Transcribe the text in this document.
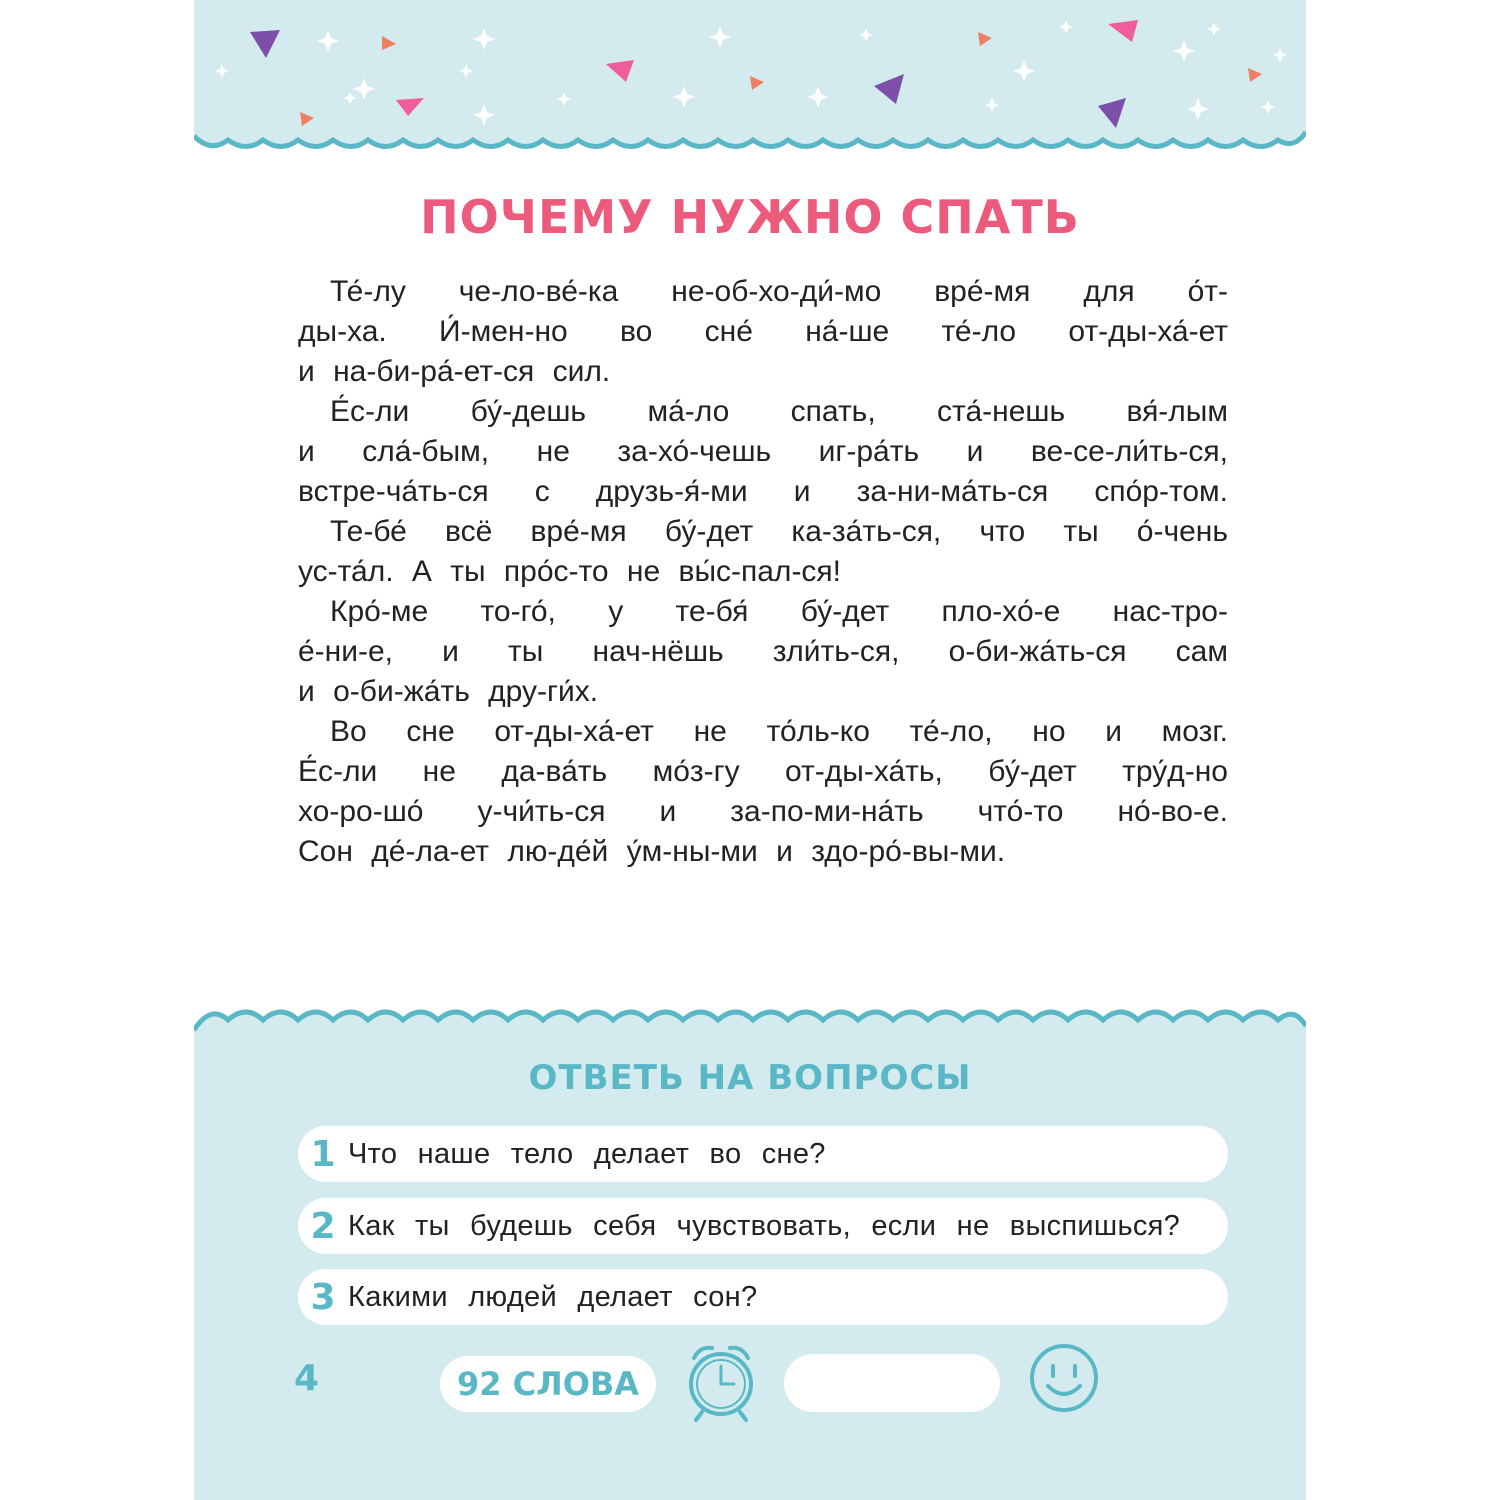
ПОЧЕМУ НУЖНО СПАТЬ
Те́-лу че-ло-ве́-ка не-об-хо-ди́-мо вре́-мя для о́т-
ды-ха. И́-мен-но во сне́ на́-ше те́-ло от-ды-ха́-ет
и на-би-ра́-ет-ся сил.
Е́с-ли бу́-дешь ма́-ло спать, ста́-нешь вя́-лым
и сла́-бым, не за-хо́-чешь иг-ра́ть и ве-се-ли́ть-ся,
встре-ча́ть-ся с друзь-я́-ми и за-ни-ма́ть-ся спо́р-том.
Те-бе́ всё вре́-мя бу́-дет ка-за́ть-ся, что ты о́-чень
ус-та́л. А ты про́с-то не вы́с-пал-ся!
Кро́-ме то-го́, у те-бя́ бу́-дет пло-хо́-е нас-тро-
е́-ни-е, и ты нач-нёшь зли́ть-ся, о-би-жа́ть-ся сам
и о-би-жа́ть дру-ги́х.
Во сне от-ды-ха́-ет не то́ль-ко те́-ло, но и мозг.
Е́с-ли не да-ва́ть мо́з-гу от-ды-ха́ть, бу́-дет тру́д-но
хо-ро-шо́ у-чи́ть-ся и за-по-ми-на́ть что́-то но́-во-е.
Сон де́-ла-ет лю-де́й у́м-ны-ми и здо-ро́-вы-ми.
ОТВЕТЬ НА ВОПРОСЫ
1 Что наше тело делает во сне?
2 Как ты будешь себя чувствовать, если не выспишься?
3 Какими людей делает сон?
4	92 СЛОВА
